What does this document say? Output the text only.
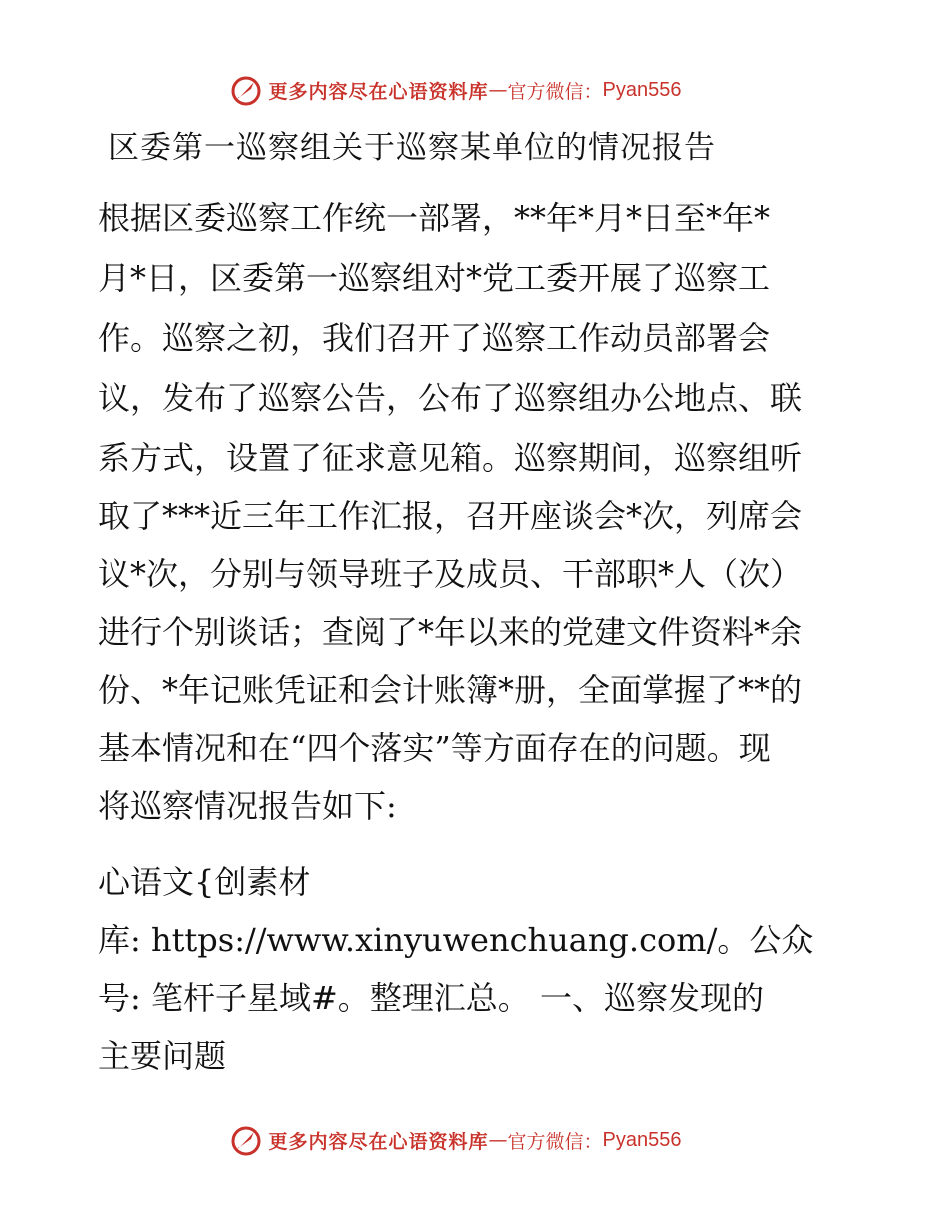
更多内容尽在心语资料库 — 官方微信： Pyan556
区委第一巡察组关于巡察某单位的情况报告
根据区委巡察工作统一部署，**年*月*日至*年*
月*日，区委第一巡察组对*党工委开展了巡察工
作。巡察之初，我们召开了巡察工作动员部署会
议，发布了巡察公告，公布了巡察组办公地点、联
系方式，设置了征求意见箱。巡察期间，巡察组听
取了***近三年工作汇报，召开座谈会*次，列席会
议*次，分别与领导班子及成员、干部职*人（次）
进行个别谈话；查阅了*年以来的党建文件资料*余
份、*年记账凭证和会计账簿*册，全面掌握了**的
基本情况和在“四个落实”等方面存在的问题。现
将巡察情况报告如下:
心语文{创素材
库: https://www.xinyuwenchuang.com/。公众
号: 笔杆子星域#。整理汇总。 一、巡察发现的
主要问题
更多内容尽在心语资料库 — 官方微信： Pyan556
